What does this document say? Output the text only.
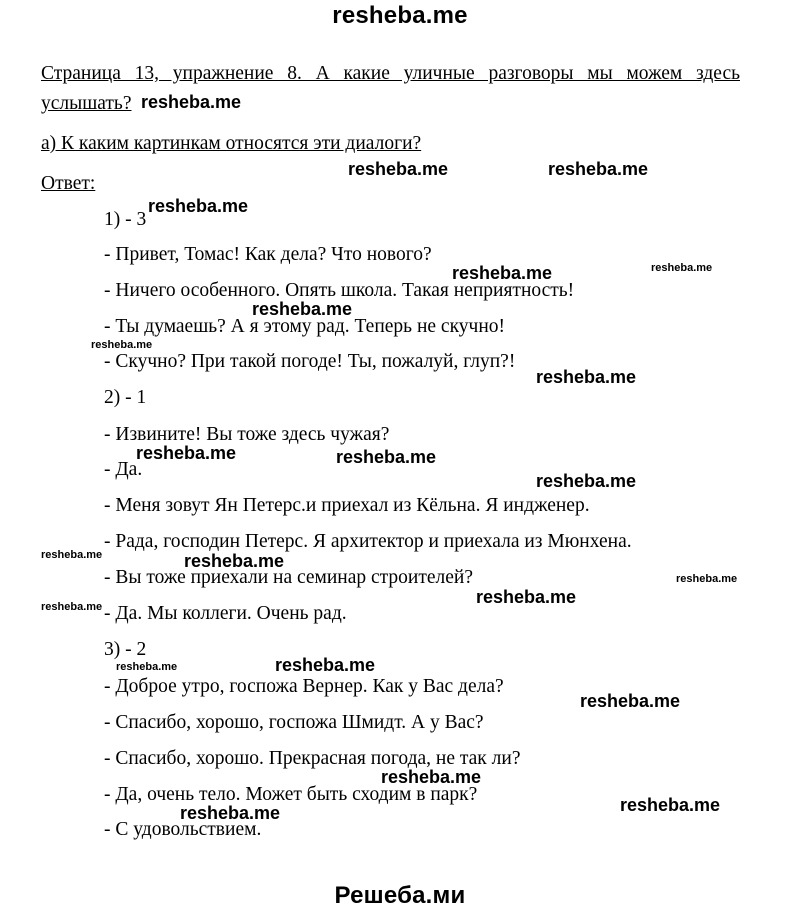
resheba.me
Страница 13, упражнение 8. А какие уличные разговоры мы можем здесь
услышать?
а) К каким картинкам относятся эти диалоги?
Ответ:
1) - 3
- Привет, Томас! Как дела? Что нового?
- Ничего особенного. Опять школа. Такая неприятность!
- Ты думаешь? А я этому рад. Теперь не скучно!
- Скучно? При такой погоде! Ты, пожалуй, глуп?!
2) - 1
- Извините! Вы тоже здесь чужая?
- Да.
- Меня зовут Ян Петерс.и приехал из Кёльна. Я индженер.
- Рада, господин Петерс. Я архитектор и приехала из Мюнхена.
- Вы тоже приехали на семинар строителей?
- Да. Мы коллеги. Очень рад.
3) - 2
- Доброе утро, госпожа Вернер. Как у Вас дела?
- Спасибо, хорошо, госпожа Шмидт. А у Вас?
- Спасибо, хорошо. Прекрасная погода, не так ли?
- Да, очень тело. Может быть сходим в парк?
- С удовольствием.
resheba.me
resheba.me	resheba.me
resheba.me
resheba.me	resheba.me
resheba.me
resheba.me
resheba.me
resheba.me	resheba.me
resheba.me
resheba.me	resheba.me
resheba.me
resheba.me
resheba.me
resheba.me	resheba.me
resheba.me
resheba.me
resheba.me
resheba.me
Решеба.ми
